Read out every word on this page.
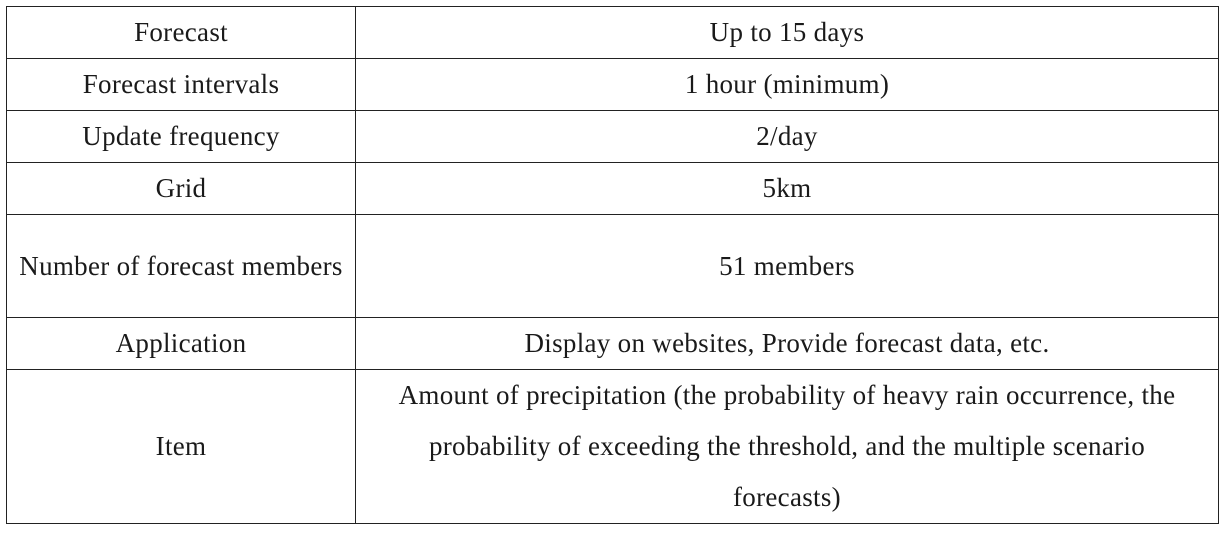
Forecast	Up to 15 days
Forecast intervals	1 hour (minimum)
Update frequency	2/day
Grid	5km
Number of forecast members	51 members
Application	Display on websites, Provide forecast data, etc.
Item	Amount of precipitation (the probability of heavy rain occurrence, the probability of exceeding the threshold, and the multiple scenario forecasts)
